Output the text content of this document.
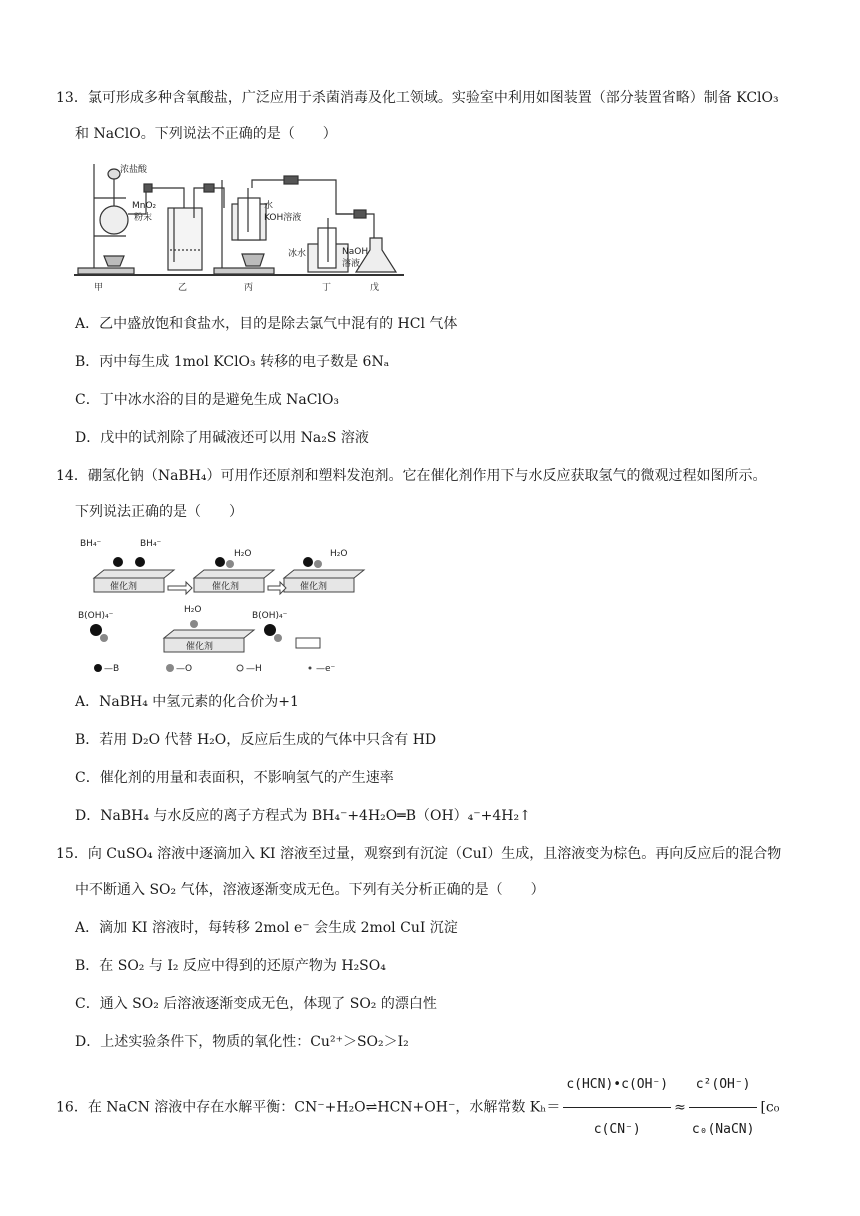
13．氯可形成多种含氧酸盐，广泛应用于杀菌消毒及化工领域。实验室中利用如图装置（部分装置省略）制备 KClO₃
和 NaClO。下列说法不正确的是（　　）
浓盐酸
MnO₂
粉末
水
KOH溶液
冰水	NaOH
溶液
甲	乙	丙	丁	戊
A．乙中盛放饱和食盐水，目的是除去氯气中混有的 HCl 气体
B．丙中每生成 1mol KClO₃ 转移的电子数是 6Nₐ
C．丁中冰水浴的目的是避免生成 NaClO₃
D．戊中的试剂除了用碱液还可以用 Na₂S 溶液
14．硼氢化钠（NaBH₄）可用作还原剂和塑料发泡剂。它在催化剂作用下与水反应获取氢气的微观过程如图所示。
下列说法正确的是（　　）
BH₄⁻	BH₄⁻
H₂O	H₂O
H₂O
催化剂	催化剂	催化剂
催化剂
B(OH)₄⁻	B(OH)₄⁻
—B	—O	—H	—e⁻
A．NaBH₄ 中氢元素的化合价为+1
B．若用 D₂O 代替 H₂O，反应后生成的气体中只含有 HD
C．催化剂的用量和表面积，不影响氢气的产生速率
D．NaBH₄ 与水反应的离子方程式为 BH₄⁻+4H₂O═B（OH）₄⁻+4H₂↑
15．向 CuSO₄ 溶液中逐滴加入 KI 溶液至过量，观察到有沉淀（CuI）生成，且溶液变为棕色。再向反应后的混合物
中不断通入 SO₂ 气体，溶液逐渐变成无色。下列有关分析正确的是（　　）
A．滴加 KI 溶液时，每转移 2mol e⁻ 会生成 2mol CuI 沉淀
B．在 SO₂ 与 I₂ 反应中得到的还原产物为 H₂SO₄
C．通入 SO₂ 后溶液逐渐变成无色，体现了 SO₂ 的漂白性
D．上述实验条件下，物质的氧化性：Cu²⁺＞SO₂＞I₂
16．在 NaCN 溶液中存在水解平衡：CN⁻+H₂O⇌HCN+OH⁻，水解常数 $K_h= \frac{\text{c(HCN)•c(OH⁻)}}{c(CN^-)} \approx \frac{\text{c²(OH⁻)}}{\text{c₀(NaCN)}} [c_0$
